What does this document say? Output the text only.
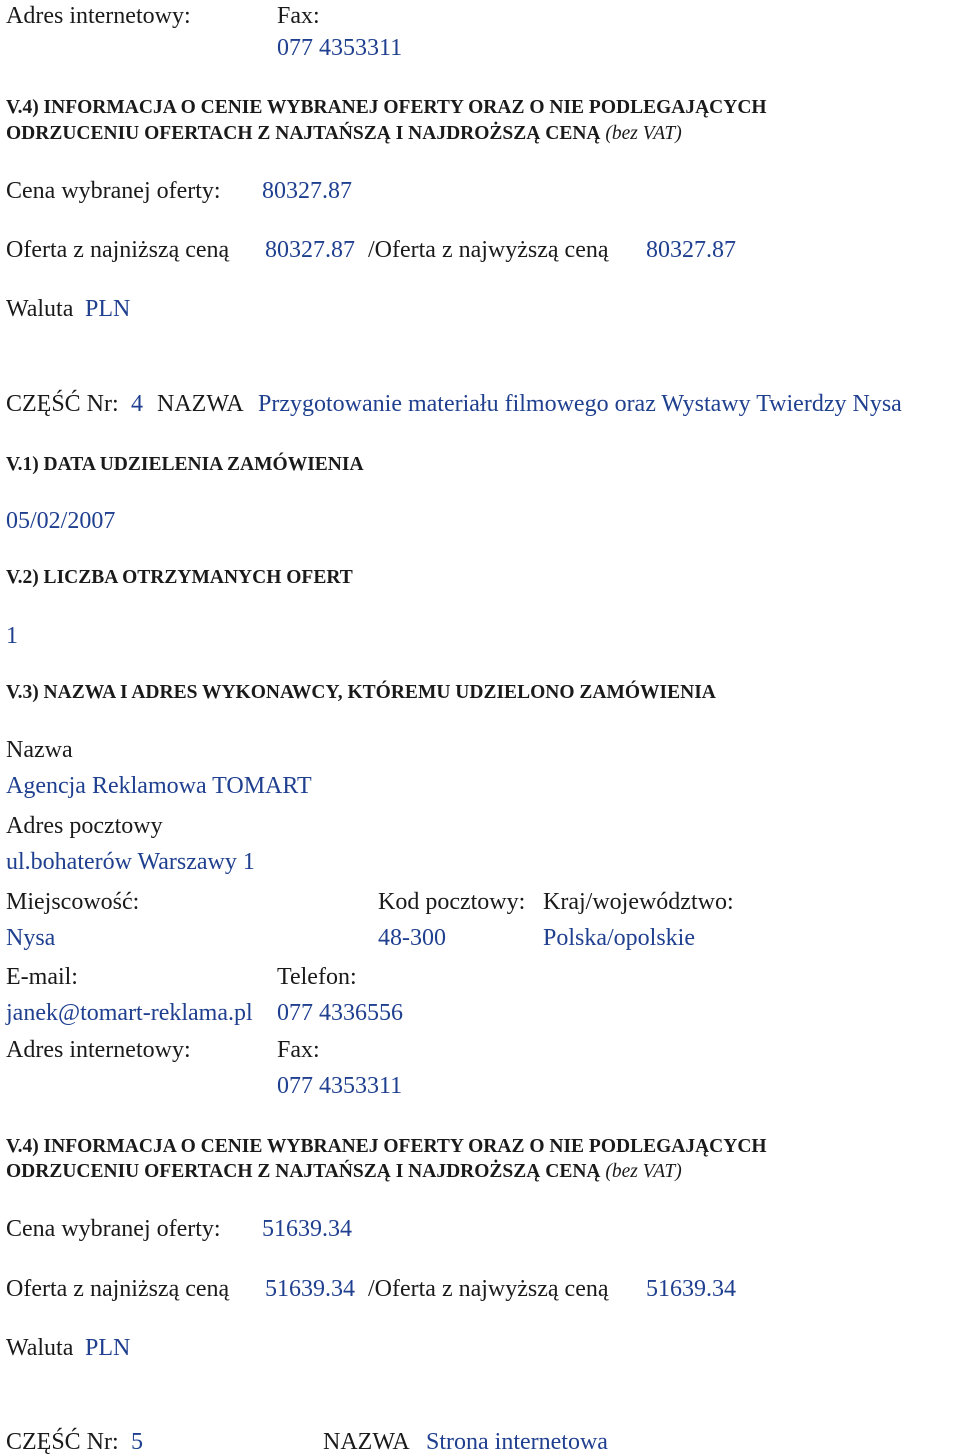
Adres internetowy:	Fax:
077 4353311
V.4) INFORMACJA O CENIE WYBRANEJ OFERTY ORAZ O NIE PODLEGAJĄCYCH
ODRZUCENIU OFERTACH Z NAJTAŃSZĄ I NAJDROŻSZĄ CENĄ (bez VAT)
Cena wybranej oferty: 80327.87
Oferta z najniższą ceną 80327.87 /Oferta z najwyższą ceną 80327.87
Waluta PLN
CZĘŚĆ Nr: 4 NAZWA Przygotowanie materiału filmowego oraz Wystawy Twierdzy Nysa
V.1) DATA UDZIELENIA ZAMÓWIENIA
05/02/2007
V.2) LICZBA OTRZYMANYCH OFERT
1
V.3) NAZWA I ADRES WYKONAWCY, KTÓREMU UDZIELONO ZAMÓWIENIA
Nazwa
Agencja Reklamowa TOMART
Adres pocztowy
ul.bohaterów Warszawy 1
Miejscowość:	Kod pocztowy: Kraj/województwo:
Nysa	48-300	Polska/opolskie
E-mail:	Telefon:
janek@tomart-reklama.pl 077 4336556
Adres internetowy:	Fax:
077 4353311
V.4) INFORMACJA O CENIE WYBRANEJ OFERTY ORAZ O NIE PODLEGAJĄCYCH
ODRZUCENIU OFERTACH Z NAJTAŃSZĄ I NAJDROŻSZĄ CENĄ (bez VAT)
Cena wybranej oferty: 51639.34
Oferta z najniższą ceną 51639.34 /Oferta z najwyższą ceną 51639.34
Waluta PLN
CZĘŚĆ Nr: 5	NAZWA Strona internetowa
